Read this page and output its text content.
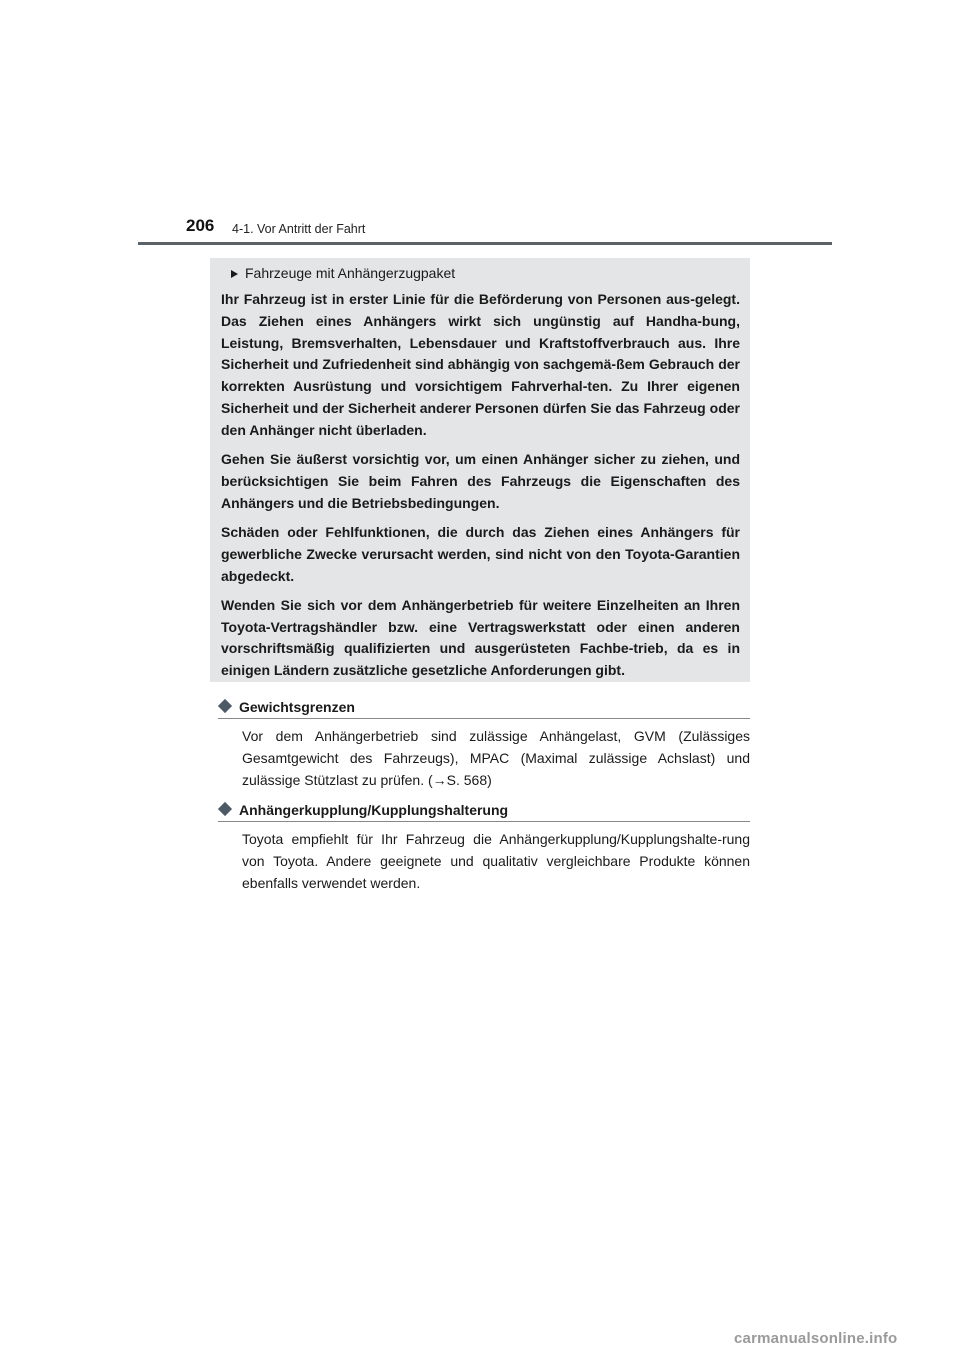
206 4-1. Vor Antritt der Fahrt
Fahrzeuge mit Anhängerzugpaket

Ihr Fahrzeug ist in erster Linie für die Beförderung von Personen aus-gelegt. Das Ziehen eines Anhängers wirkt sich ungünstig auf Handha-bung, Leistung, Bremsverhalten, Lebensdauer und Kraftstoffverbrauch aus. Ihre Sicherheit und Zufriedenheit sind abhängig von sachgemä-ßem Gebrauch der korrekten Ausrüstung und vorsichtigem Fahrverhal-ten. Zu Ihrer eigenen Sicherheit und der Sicherheit anderer Personen dürfen Sie das Fahrzeug oder den Anhänger nicht überladen.

Gehen Sie äußerst vorsichtig vor, um einen Anhänger sicher zu ziehen, und berücksichtigen Sie beim Fahren des Fahrzeugs die Eigenschaften des Anhängers und die Betriebsbedingungen.

Schäden oder Fehlfunktionen, die durch das Ziehen eines Anhängers für gewerbliche Zwecke verursacht werden, sind nicht von den Toyota-Garantien abgedeckt.

Wenden Sie sich vor dem Anhängerbetrieb für weitere Einzelheiten an Ihren Toyota-Vertragshändler bzw. eine Vertragswerkstatt oder einen anderen vorschriftsmäßig qualifizierten und ausgerüsteten Fachbe-trieb, da es in einigen Ländern zusätzliche gesetzliche Anforderungen gibt.

Gewichtsgrenzen

Vor dem Anhängerbetrieb sind zulässige Anhängelast, GVM (Zulässiges Gesamtgewicht des Fahrzeugs), MPAC (Maximal zulässige Achslast) und zulässige Stützlast zu prüfen. (→S. 568)

Anhängerkupplung/Kupplungshalterung

Toyota empfiehlt für Ihr Fahrzeug die Anhängerkupplung/Kupplungshalte-rung von Toyota. Andere geeignete und qualitativ vergleichbare Produkte können ebenfalls verwendet werden.

carmanualsonline.info
